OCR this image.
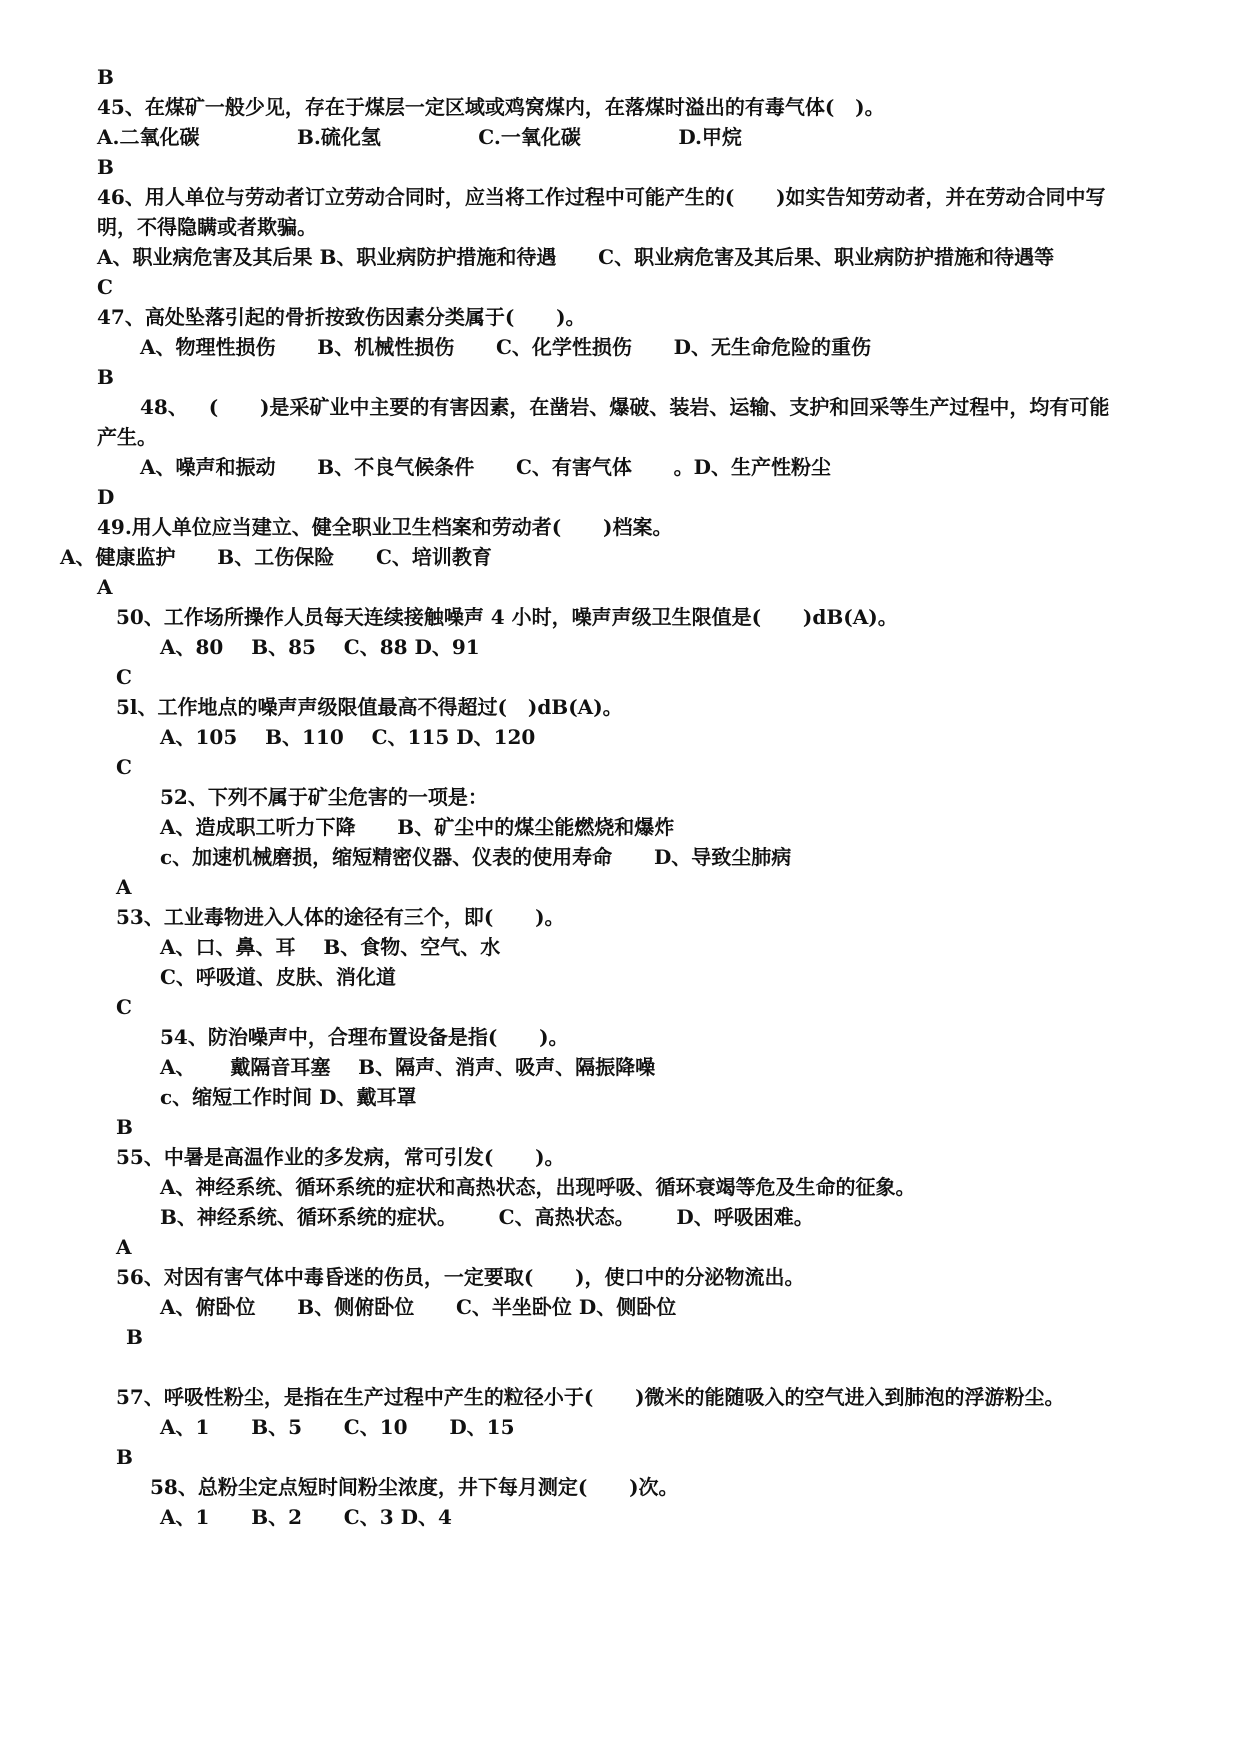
B
45、在煤矿一般少见，存在于煤层一定区域或鸡窝煤内，在落煤时溢出的有毒气体(   )。
A.二氧化碳              B.硫化氢              C.一氧化碳              D.甲烷
B
46、用人单位与劳动者订立劳动合同时，应当将工作过程中可能产生的(      )如实告知劳动者，并在劳动合同中写
明，不得隐瞒或者欺骗。
A、职业病危害及其后果 B、职业病防护措施和待遇      C、职业病危害及其后果、职业病防护措施和待遇等
C
47、高处坠落引起的骨折按致伤因素分类属于(      )。
A、物理性损伤      B、机械性损伤      C、化学性损伤      D、无生命危险的重伤
B
48、   (      )是采矿业中主要的有害因素，在凿岩、爆破、装岩、运输、支护和回采等生产过程中，均有可能
产生。
A、噪声和振动      B、不良气候条件      C、有害气体      。D、生产性粉尘
D
49.用人单位应当建立、健全职业卫生档案和劳动者(      )档案。
A、健康监护      B、工伤保险      C、培训教育
A
50、工作场所操作人员每天连续接触噪声 4 小时，噪声声级卫生限值是(      )dB(A)。
A、80    B、85    C、88 D、91
C
5l、工作地点的噪声声级限值最高不得超过(   )dB(A)。
A、105    B、110    C、115 D、120
C
52、下列不属于矿尘危害的一项是：
A、造成职工听力下降      B、矿尘中的煤尘能燃烧和爆炸
c、加速机械磨损，缩短精密仪器、仪表的使用寿命      D、导致尘肺病
A
53、工业毒物进入人体的途径有三个，即(      )。
A、口、鼻、耳    B、食物、空气、水
C、呼吸道、皮肤、消化道
C
54、防治噪声中，合理布置设备是指(      )。
A、     戴隔音耳塞    B、隔声、消声、吸声、隔振降噪
c、缩短工作时间 D、戴耳罩
B
55、中暑是高温作业的多发病，常可引发(      )。
A、神经系统、循环系统的症状和高热状态，出现呼吸、循环衰竭等危及生命的征象。
B、神经系统、循环系统的症状。      C、高热状态。      D、呼吸困难。
A
56、对因有害气体中毒昏迷的伤员，一定要取(      )，使口中的分泌物流出。
A、俯卧位      B、侧俯卧位      C、半坐卧位 D、侧卧位
B
57、呼吸性粉尘，是指在生产过程中产生的粒径小于(      )微米的能随吸入的空气进入到肺泡的浮游粉尘。
A、1      B、5      C、10      D、15
B
58、总粉尘定点短时间粉尘浓度，井下每月测定(      )次。
A、1      B、2      C、3 D、4
